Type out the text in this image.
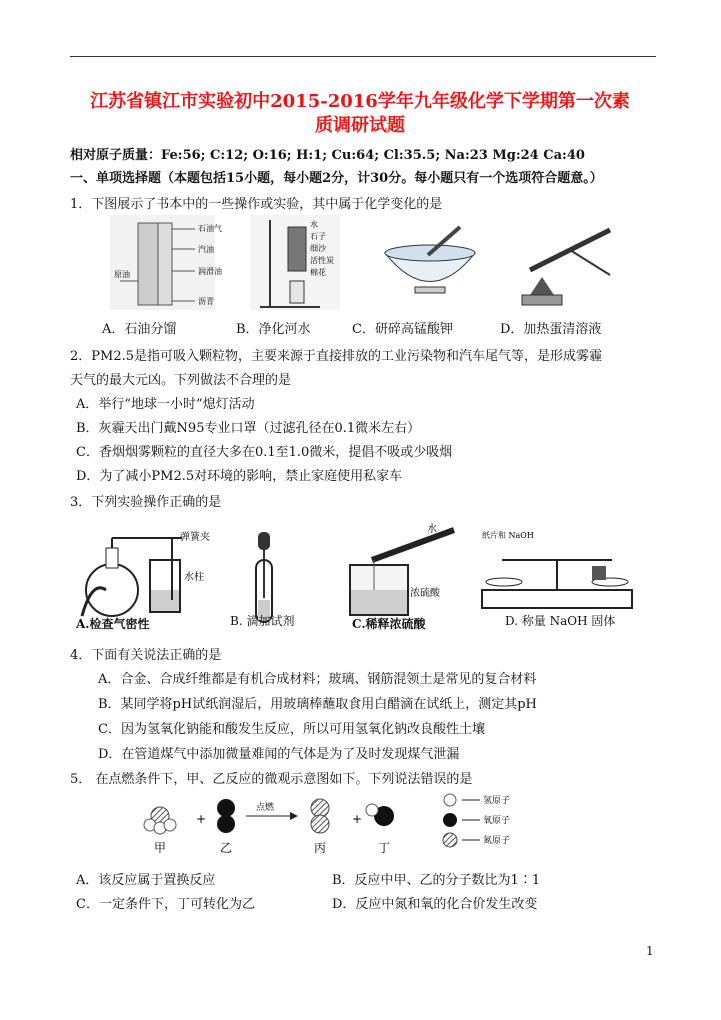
江苏省镇江市实验初中2015-2016学年九年级化学下学期第一次素
质调研试题
相对原子质量：Fe:56; C:12; O:16; H:1; Cu:64; Cl:35.5; Na:23 Mg:24 Ca:40
一、单项选择题（本题包括15小题，每小题2分，计30分。每小题只有一个选项符合题意。）
1．下图展示了书本中的一些操作或实验，其中属于化学变化的是
石油气
汽油
润滑油
原油
沥青
水
石子
细沙
活性炭
棉花
A．石油分馏	B．净化河水	C．研碎高锰酸钾	D．加热蛋清溶液
2．PM2.5是指可吸入颗粒物，主要来源于直接排放的工业污染物和汽车尾气等，是形成雾霾
天气的最大元凶。下列做法不合理的是
A．举行“地球一小时”熄灯活动
B．灰霾天出门戴N95专业口罩（过滤孔径在0.1微米左右）
C．香烟烟雾颗粒的直径大多在0.1至1.0微米，提倡不吸或少吸烟
D．为了减小PM2.5对环境的影响，禁止家庭使用私家车
3．下列实验操作正确的是
弹簧夹
水柱
水
浓硫酸
纸片和 NaOH
A.检查气密性	B. 滴加试剂	C.稀释浓硫酸	D. 称量 NaOH 固体
4．下面有关说法正确的是
A．合金、合成纤维都是有机合成材料；玻璃、钢筋混领土是常见的复合材料
B．某同学将pH试纸润湿后，用玻璃棒蘸取食用白醋滴在试纸上，测定其pH
C．因为氢氧化钠能和酸发生反应，所以可用氢氧化钠改良酸性土壤
D．在管道煤气中添加微量难闻的气体是为了及时发现煤气泄漏
5． 在点燃条件下，甲、乙反应的微观示意图如下。下列说法错误的是
+
点燃
+
甲	乙	丙	丁
氢原子
氧原子
氮原子
A．该反应属于置换反应	B．反应中甲、乙的分子数比为1∶1
C．一定条件下，丁可转化为乙	D．反应中氮和氧的化合价发生改变
1
